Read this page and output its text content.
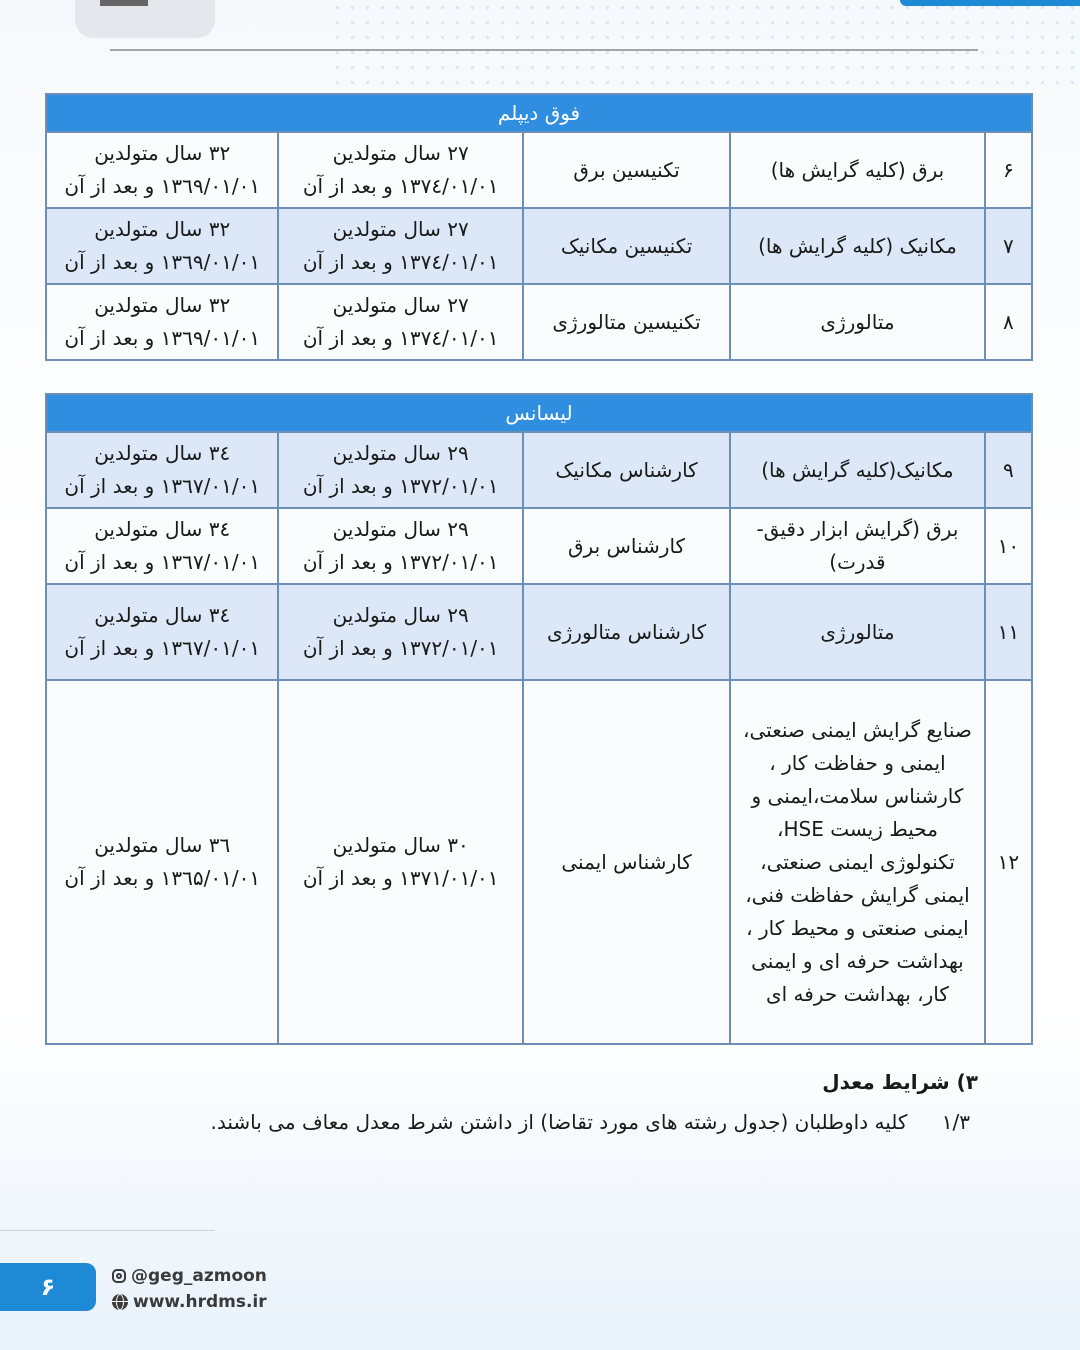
فوق دیپلم				
۶	برق (کلیه گرایش ها)	تکنیسین برق	۲۷ سال متولدین ۱۳۷٤/۰۱/۰۱ و بعد از آن	۳۲ سال متولدین ۱۳٦۹/۰۱/۰۱ و بعد از آن
۷	مکانیک (کلیه گرایش ها)	تکنیسین مکانیک	۲۷ سال متولدین ۱۳۷٤/۰۱/۰۱ و بعد از آن	۳۲ سال متولدین ۱۳٦۹/۰۱/۰۱ و بعد از آن
۸	متالورژی	تکنیسین متالورژی	۲۷ سال متولدین ۱۳۷٤/۰۱/۰۱ و بعد از آن	۳۲ سال متولدین ۱۳٦۹/۰۱/۰۱ و بعد از آن
لیسانس				
۹	مکانیک(کلیه گرایش ها)	کارشناس مکانیک	۲۹ سال متولدین ۱۳۷۲/۰۱/۰۱ و بعد از آن	۳٤ سال متولدین ۱۳٦۷/۰۱/۰۱ و بعد از آن
۱۰	برق (گرایش ابزار دقیق- قدرت)	کارشناس برق	۲۹ سال متولدین ۱۳۷۲/۰۱/۰۱ و بعد از آن	۳٤ سال متولدین ۱۳٦۷/۰۱/۰۱ و بعد از آن
۱۱	متالورژی	کارشناس متالورژی	۲۹ سال متولدین ۱۳۷۲/۰۱/۰۱ و بعد از آن	۳٤ سال متولدین ۱۳٦۷/۰۱/۰۱ و بعد از آن
۱۲	صنایع گرایش ایمنی صنعتی، ایمنی و حفاظت کار ، کارشناس سلامت،ایمنی و محیط زیست HSE، تکنولوژی ایمنی صنعتی، ایمنی گرایش حفاظت فنی، ایمنی صنعتی و محیط کار ، بهداشت حرفه ای و ایمنی کار، بهداشت حرفه ای	کارشناس ایمنی	۳۰ سال متولدین ۱۳۷۱/۰۱/۰۱ و بعد از آن	۳٦ سال متولدین ۱۳٦۵/۰۱/۰۱ و بعد از آن
۳) شرایط معدل
۱/۳ کلیه داوطلبان (جدول رشته های مورد تقاضا) از داشتن شرط معدل معاف می باشند.
۶	@geg_azmoon
www.hrdms.ir
